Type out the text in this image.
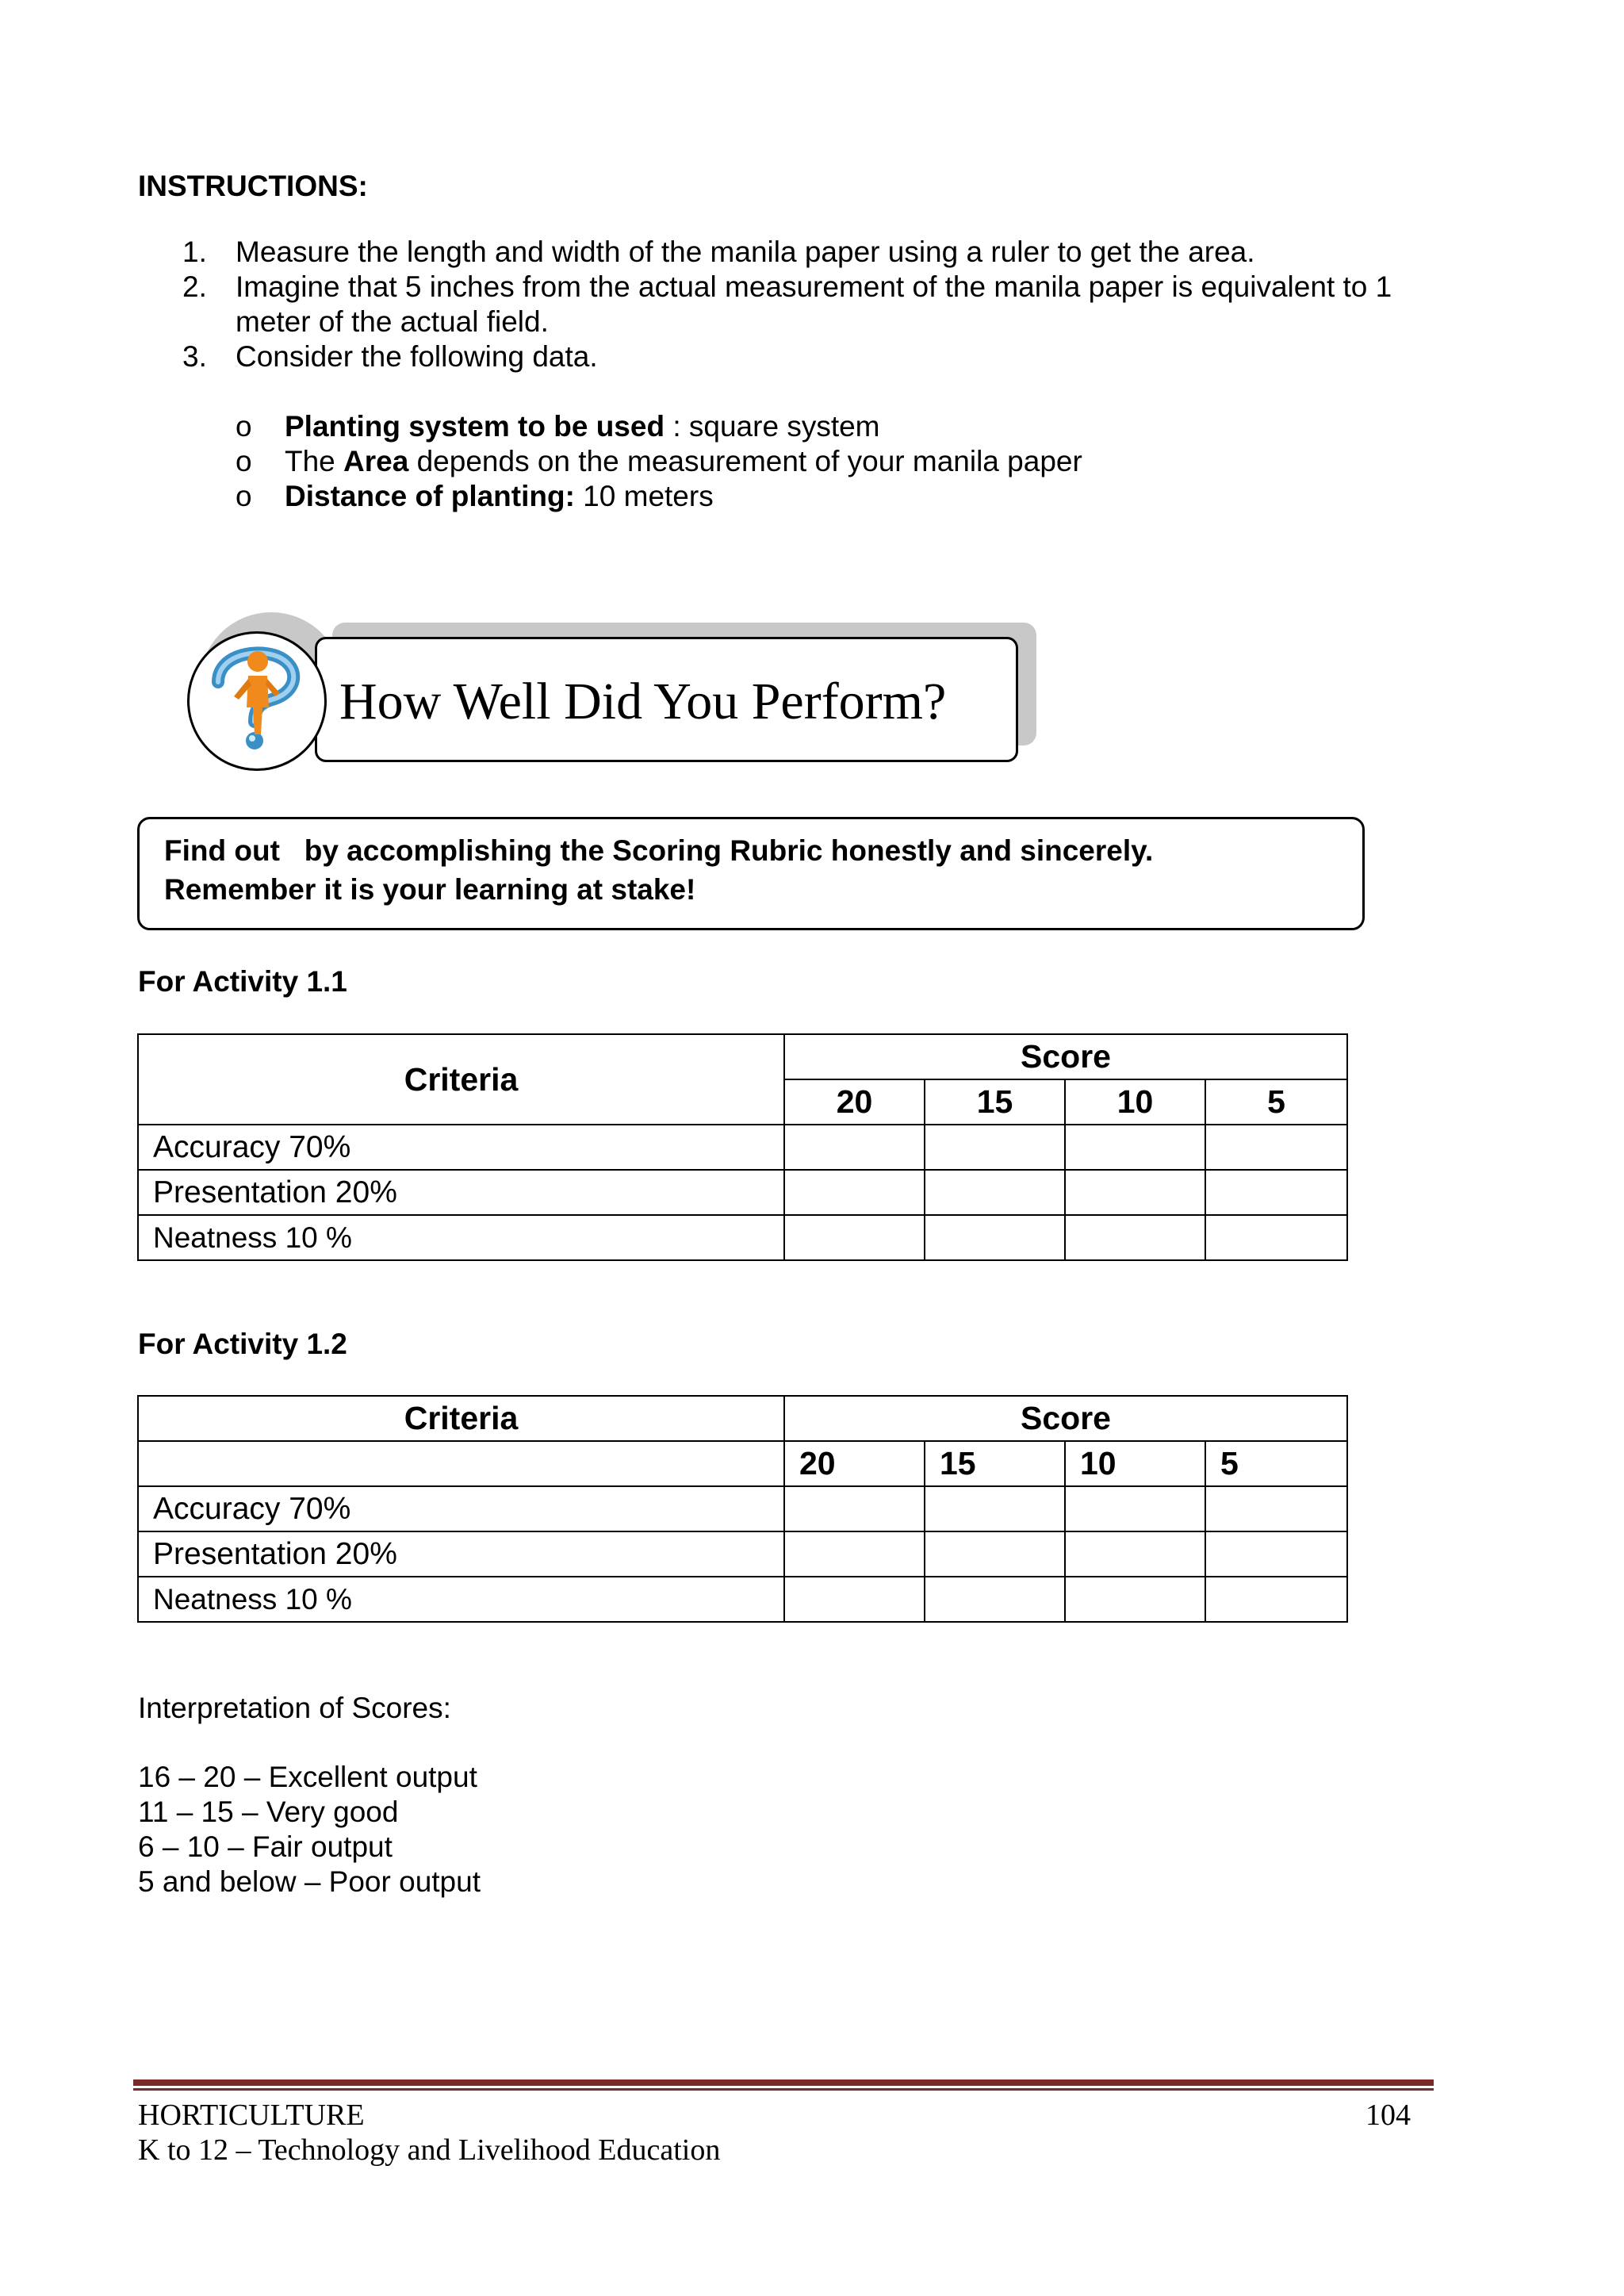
INSTRUCTIONS:
1. Measure the length and width of the manila paper using a ruler to get the area.
2. Imagine that 5 inches from the actual measurement of the manila paper is equivalent to 1
meter of the actual field.
3. Consider the following data.
o Planting system to be used : square system
o The Area depends on the measurement of your manila paper
o Distance of planting: 10 meters
How Well Did You Perform?
Find out   by accomplishing the Scoring Rubric honestly and sincerely.
Remember it is your learning at stake!
For Activity 1.1
Criteria	Score			
	20	15	10	5
Accuracy 70%				
Presentation 20%				
Neatness 10 %				
For Activity 1.2
Criteria	Score			
	20	15	10	5
Accuracy 70%				
Presentation 20%				
Neatness 10 %				
Interpretation of Scores:
16 – 20 – Excellent output
11 – 15 – Very good
6 – 10 – Fair output
5 and below – Poor output
HORTICULTURE	104
K to 12 – Technology and Livelihood Education
